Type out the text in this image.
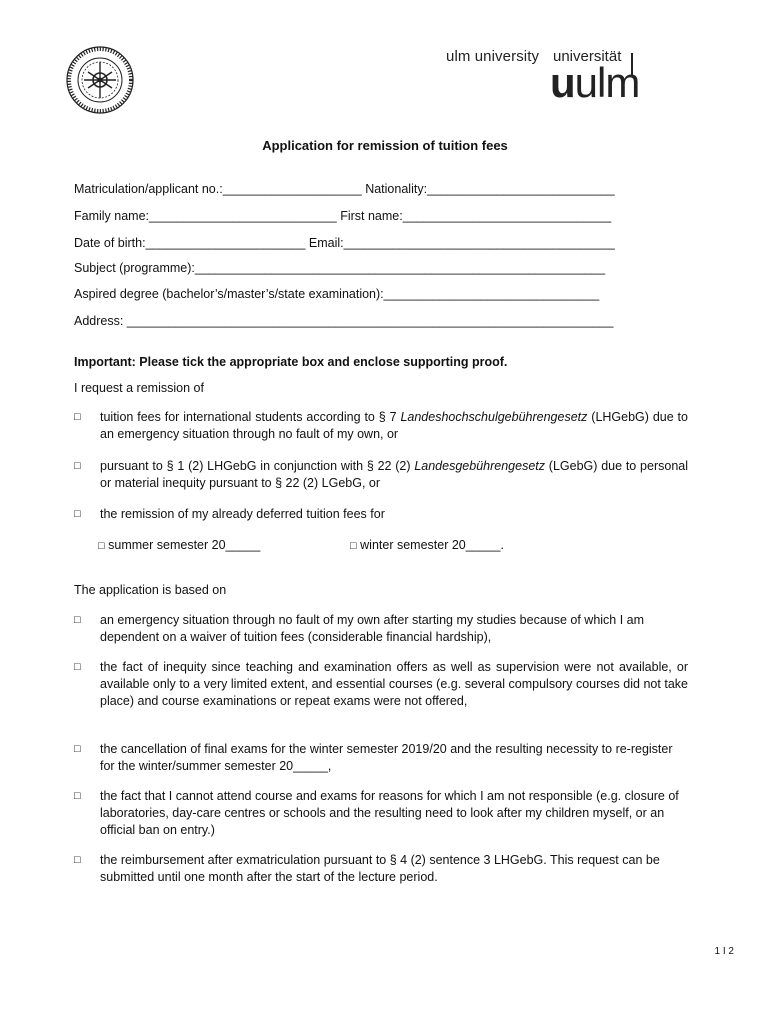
ulm university universität
uulm
Application for remission of tuition fees
Matriculation/applicant no.:____________________ Nationality:___________________________
Family name:___________________________ First name:______________________________
Date of birth:_______________________ Email:_______________________________________
Subject (programme):___________________________________________________________
Aspired degree (bachelor’s/master’s/state examination):_______________________________
Address: ______________________________________________________________________
Important: Please tick the appropriate box and enclose supporting proof.
I request a remission of
□ tuition fees for international students according to § 7 Landeshochschulgebührengesetz (LHGebG) due to an emergency situation through no fault of my own, or
□ pursuant to § 1 (2) LHGebG in conjunction with § 22 (2) Landesgebührengesetz (LGebG) due to personal or material inequity pursuant to § 22 (2) LGebG, or
□ the remission of my already deferred tuition fees for
□ summer semester 20_____	□ winter semester 20_____.
The application is based on
□ an emergency situation through no fault of my own after starting my studies because of which I am dependent on a waiver of tuition fees (considerable financial hardship),
□ the fact of inequity since teaching and examination offers as well as supervision were not available, or available only to a very limited extent, and essential courses (e.g. several compulsory courses did not take place) and course examinations or repeat exams were not offered,
□ the cancellation of final exams for the winter semester 2019/20 and the resulting necessity to re-register for the winter/summer semester 20_____,
□ the fact that I cannot attend course and exams for reasons for which I am not responsible (e.g. closure of laboratories, day-care centres or schools and the resulting need to look after my children myself, or an official ban on entry.)
□ the reimbursement after exmatriculation pursuant to § 4 (2) sentence 3 LHGebG. This request can be submitted until one month after the start of the lecture period.
1 I 2
